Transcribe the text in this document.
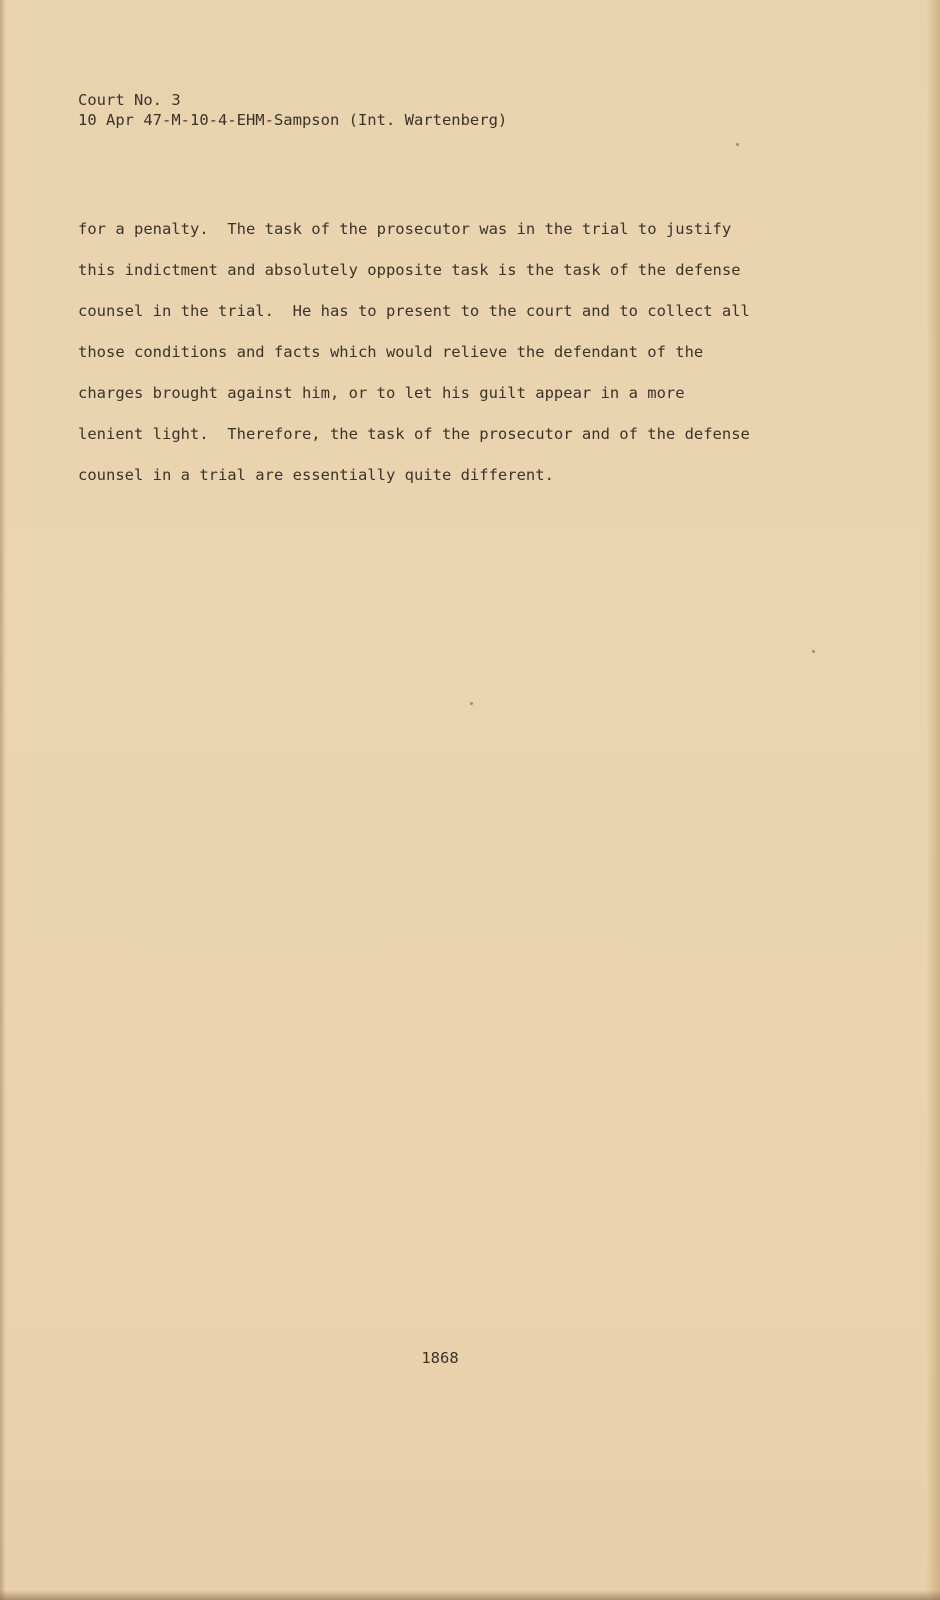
Court No. 3
10 Apr 47-M-10-4-EHM-Sampson (Int. Wartenberg)
for a penalty.  The task of the prosecutor was in the trial to justify
this indictment and absolutely opposite task is the task of the defense
counsel in the trial.  He has to present to the court and to collect all
those conditions and facts which would relieve the defendant of the
charges brought against him, or to let his guilt appear in a more
lenient light.  Therefore, the task of the prosecutor and of the defense
counsel in a trial are essentially quite different.
1868
